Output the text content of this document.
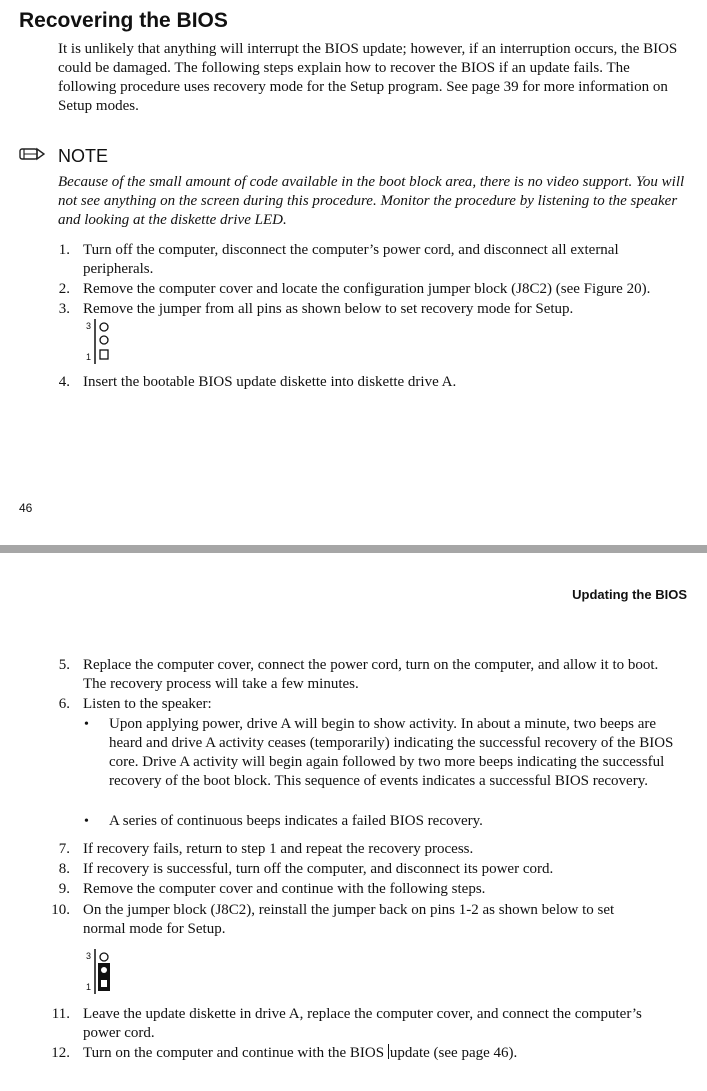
Recovering the BIOS
It is unlikely that anything will interrupt the BIOS update; however, if an interruption occurs, the BIOS could be damaged. The following steps explain how to recover the BIOS if an update fails. The following procedure uses recovery mode for the Setup program. See page 39 for more information on Setup modes.
NOTE
Because of the small amount of code available in the boot block area, there is no video support. You will not see anything on the screen during this procedure. Monitor the procedure by listening to the speaker and looking at the diskette drive LED.
1. Turn off the computer, disconnect the computer’s power cord, and disconnect all external peripherals.
2. Remove the computer cover and locate the configuration jumper block (J8C2) (see Figure 20).
3. Remove the jumper from all pins as shown below to set recovery mode for Setup.
3
1
4. Insert the bootable BIOS update diskette into diskette drive A.
46
Updating the BIOS
5. Replace the computer cover, connect the power cord, turn on the computer, and allow it to boot. The recovery process will take a few minutes.
6. Listen to the speaker:
• Upon applying power, drive A will begin to show activity. In about a minute, two beeps are heard and drive A activity ceases (temporarily) indicating the successful recovery of the BIOS core. Drive A activity will begin again followed by two more beeps indicating the successful recovery of the boot block. This sequence of events indicates a successful BIOS recovery.
• A series of continuous beeps indicates a failed BIOS recovery.
7. If recovery fails, return to step 1 and repeat the recovery process.
8. If recovery is successful, turn off the computer, and disconnect its power cord.
9. Remove the computer cover and continue with the following steps.
10. On the jumper block (J8C2), reinstall the jumper back on pins 1-2 as shown below to set normal mode for Setup.
3
1
11. Leave the update diskette in drive A, replace the computer cover, and connect the computer’s power cord.
12. Turn on the computer and continue with the BIOS update (see page 46).
